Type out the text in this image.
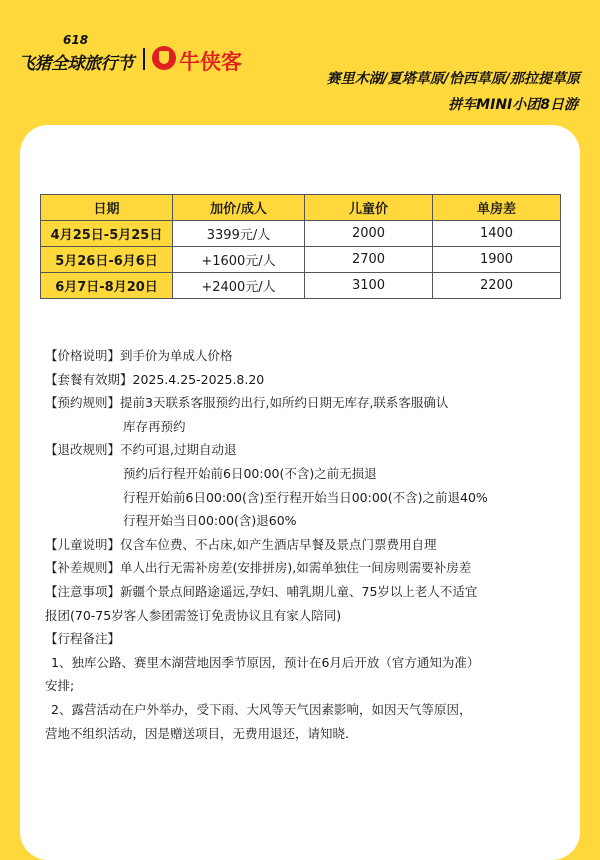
618
飞猪全球旅行节 牛侠客
赛里木湖/夏塔草原/恰西草原/那拉提草原
拼车MINI小团8日游
日期	加价/成人	儿童价	单房差
4月25日-5月25日	3399元/人	2000	1400
5月26日-6月6日	+1600元/人	2700	1900
6月7日-8月20日	+2400元/人	3100	2200
【价格说明】 到手价为单成人价格
【套餐有效期】 2025.4.25-2025.8.20
【预约规则】 提前3天联系客服预约出行,如所约日期无库存,联系客服确认
库存再预约
【退改规则】 不约可退,过期自动退
预约后行程开始前6日00:00(不含)之前无损退
行程开始前6日00:00(含)至行程开始当日00:00(不含)之前退40%
行程开始当日00:00(含)退60%
【儿童说明】 仅含车位费、不占床,如产生酒店早餐及景点门票费用自理
【补差规则】 单人出行无需补房差(安排拼房),如需单独住一间房则需要补房差
【注意事项】 新疆个景点间路途遥远,孕妇、哺乳期儿童、75岁以上老人不适宜
报团(70-75岁客人参团需签订免责协议且有家人陪同)
【行程备注】
1、独库公路、赛里木湖营地因季节原因，预计在6月后开放（官方通知为准）
安排;
2、露营活动在户外举办，受下雨、大风等天气因素影响，如因天气等原因，
营地不组织活动，因是赠送项目，无费用退还，请知晓.
